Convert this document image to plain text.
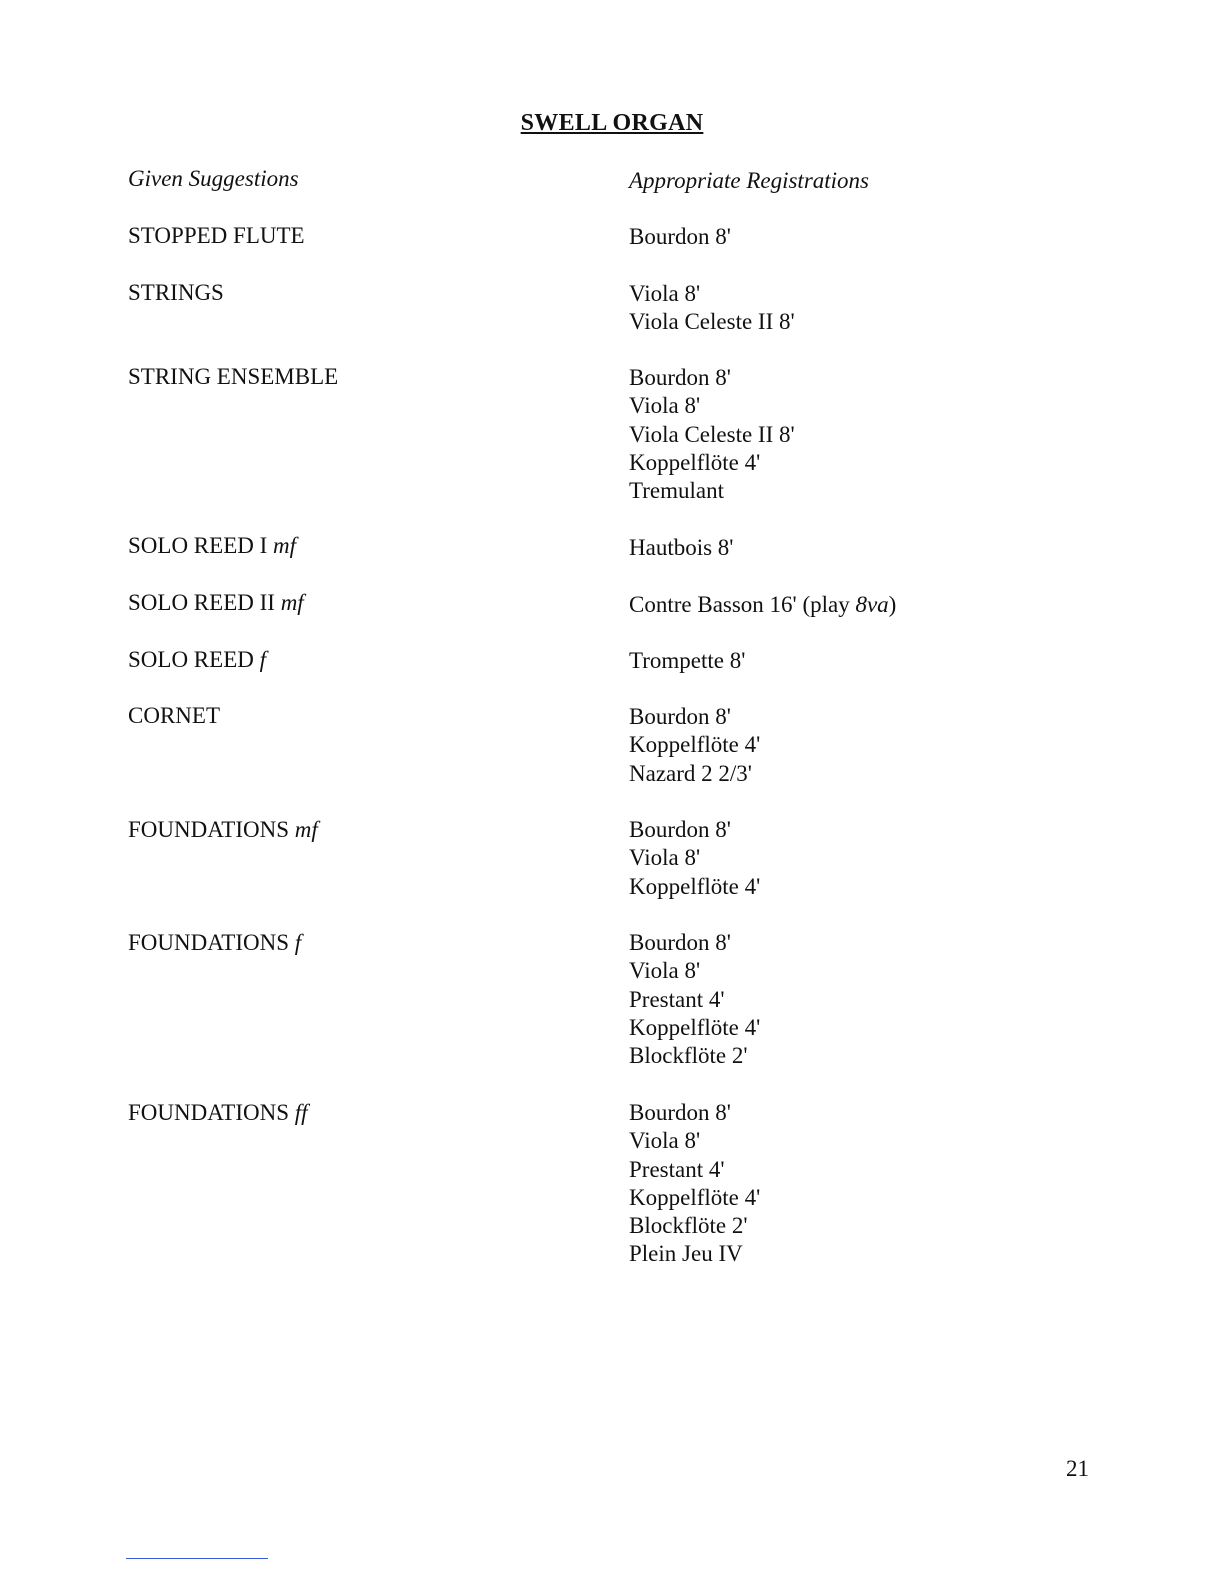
SWELL ORGAN
Given Suggestions	Appropriate Registrations
STOPPED FLUTE	Bourdon 8'
STRINGS	Viola 8'
Viola Celeste II 8'
STRING ENSEMBLE	Bourdon 8'
Viola 8'
Viola Celeste II 8'
Koppelflöte 4'
Tremulant
SOLO REED I mf	Hautbois 8'
SOLO REED II mf	Contre Basson 16' (play 8va)
SOLO REED f	Trompette 8'
CORNET	Bourdon 8'
Koppelflöte 4'
Nazard 2 2/3'
FOUNDATIONS mf	Bourdon 8'
Viola 8'
Koppelflöte 4'
FOUNDATIONS f	Bourdon 8'
Viola 8'
Prestant 4'
Koppelflöte 4'
Blockflöte 2'
FOUNDATIONS ff	Bourdon 8'
Viola 8'
Prestant 4'
Koppelflöte 4'
Blockflöte 2'
Plein Jeu IV
21
